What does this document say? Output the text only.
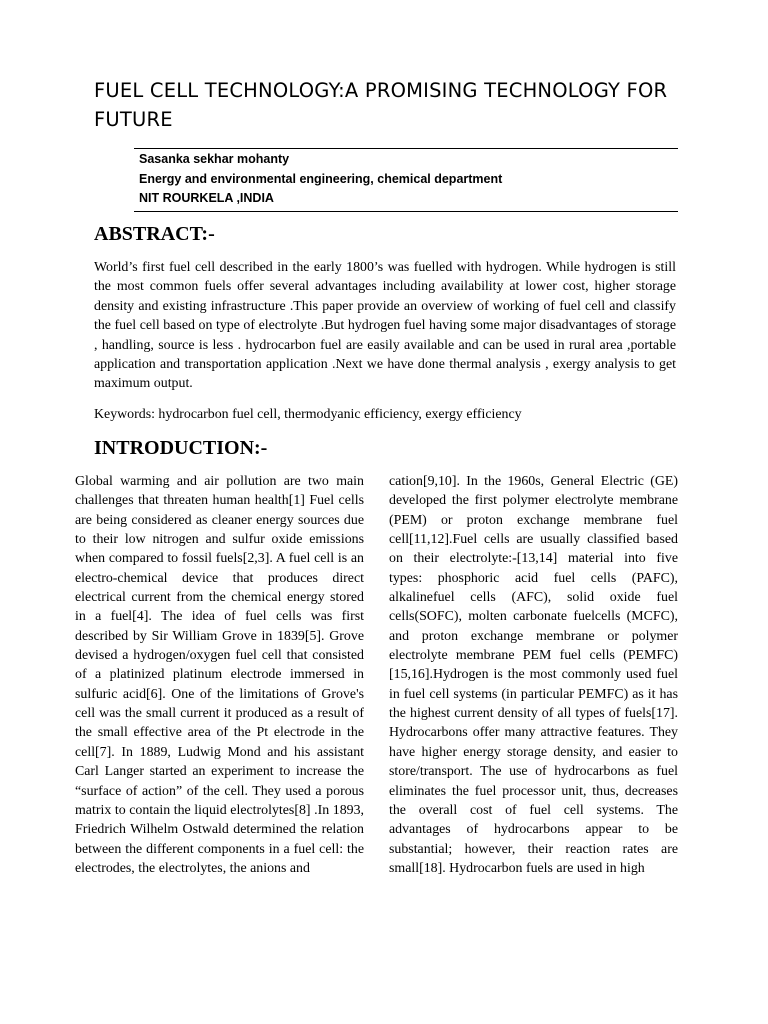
FUEL CELL TECHNOLOGY:A PROMISING TECHNOLOGY FOR FUTURE
Sasanka sekhar mohanty
Energy and environmental engineering, chemical department
NIT ROURKELA ,INDIA
ABSTRACT:-

World’s first fuel cell described in the early 1800’s was fuelled with hydrogen. While hydrogen is still the most common fuels offer several advantages including availability at lower cost, higher storage density and existing infrastructure .This paper provide an overview of working of fuel cell and classify the fuel cell based on type of electrolyte .But hydrogen fuel having some major disadvantages of storage , handling, source is less . hydrocarbon fuel are easily available and can be used in rural area ,portable application and transportation application .Next we have done thermal analysis , exergy analysis to get maximum output.

Keywords: hydrocarbon fuel cell, thermodyanic efficiency, exergy efficiency

INTRODUCTION:-

Global warming and air pollution are two main challenges that threaten human health[1] Fuel cells are being considered as cleaner energy sources due to their low nitrogen and sulfur oxide emissions when compared to fossil fuels[2,3]. A fuel cell is an electro-chemical device that produces direct electrical current from the chemical energy stored in a fuel[4]. The idea of fuel cells was first described by Sir William Grove in 1839[5]. Grove devised a hydrogen/oxygen fuel cell that consisted of a platinized platinum electrode immersed in sulfuric acid[6]. One of the limitations of Grove's cell was the small current it produced as a result of the small effective area of the Pt electrode in the cell[7]. In 1889, Ludwig Mond and his assistant Carl Langer started an experiment to increase the “surface of action” of the cell. They used a porous matrix to contain the liquid electrolytes[8] .In 1893, Friedrich Wilhelm Ostwald determined the relation between the different components in a fuel cell: the electrodes, the electrolytes, the anions and

cation[9,10]. In the 1960s, General Electric (GE) developed the first polymer electrolyte membrane (PEM) or proton exchange membrane fuel cell[11,12].Fuel cells are usually classified based on their electrolyte:-[13,14] material into five types: phosphoric acid fuel cells (PAFC), alkalinefuel cells (AFC), solid oxide fuel cells(SOFC), molten carbonate fuelcells (MCFC), and proton exchange membrane or polymer electrolyte membrane PEM fuel cells (PEMFC)[15,16].Hydrogen is the most commonly used fuel in fuel cell systems (in particular PEMFC) as it has the highest current density of all types of fuels[17]. Hydrocarbons offer many attractive features. They have higher energy storage density, and easier to store/transport. The use of hydrocarbons as fuel eliminates the fuel processor unit, thus, decreases the overall cost of fuel cell systems. The advantages of hydrocarbons appear to be substantial; however, their reaction rates are small[18]. Hydrocarbon fuels are used in high
